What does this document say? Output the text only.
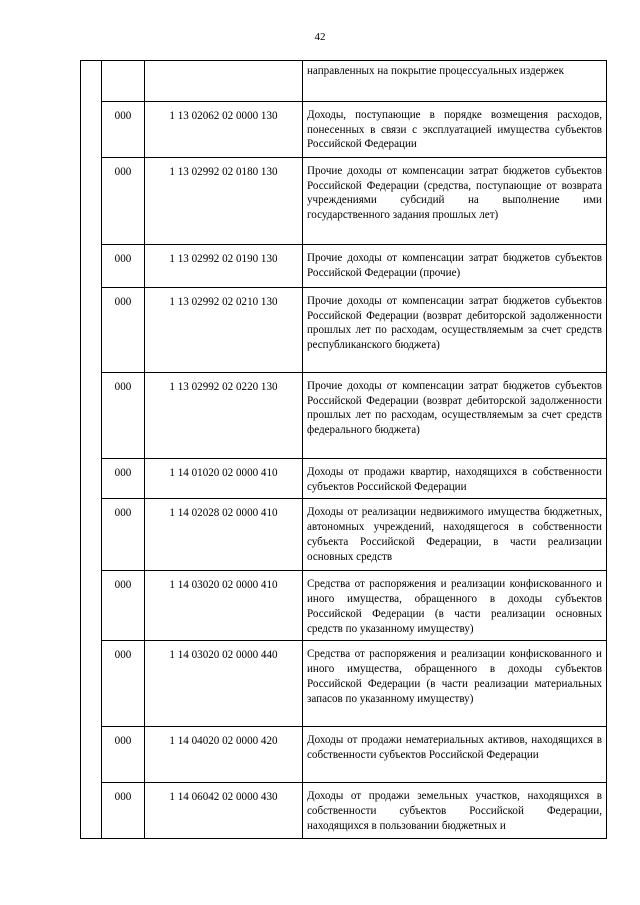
42

			направленных на покрытие процессуальных издержек

	000	1 13 02062 02 0000 130	Доходы, поступающие в порядке возмещения расходов, понесенных в связи с эксплуатацией имущества субъектов Российской Федерации

	000	1 13 02992 02 0180 130	Прочие доходы от компенсации затрат бюджетов субъектов Российской Федерации (средства, поступающие от возврата учреждениями субсидий на выполнение ими государственного задания прошлых лет)

	000	1 13 02992 02 0190 130	Прочие доходы от компенсации затрат бюджетов субъектов Российской Федерации (прочие)

	000	1 13 02992 02 0210 130	Прочие доходы от компенсации затрат бюджетов субъектов Российской Федерации (возврат дебиторской задолженности прошлых лет по расходам, осуществляемым за счет средств республиканского бюджета)

	000	1 13 02992 02 0220 130	Прочие доходы от компенсации затрат бюджетов субъектов Российской Федерации (возврат дебиторской задолженности прошлых лет по расходам, осуществляемым за счет средств федерального бюджета)

	000	1 14 01020 02 0000 410	Доходы от продажи квартир, находящихся в собственности субъектов Российской Федерации

	000	1 14 02028 02 0000 410	Доходы от реализации недвижимого имущества бюджетных, автономных учреждений, находящегося в собственности субъекта Российской Федерации, в части реализации основных средств

	000	1 14 03020 02 0000 410	Средства от распоряжения и реализации конфискованного и иного имущества, обращенного в доходы субъектов Российской Федерации (в части реализации основных средств по указанному имуществу)

	000	1 14 03020 02 0000 440	Средства от распоряжения и реализации конфискованного и иного имущества, обращенного в доходы субъектов Российской Федерации (в части реализации материальных запасов по указанному имуществу)

	000	1 14 04020 02 0000 420	Доходы от продажи нематериальных активов, находящихся в собственности субъектов Российской Федерации

	000	1 14 06042 02 0000 430	Доходы от продажи земельных участков, находящихся в собственности субъектов Российской Федерации, находящихся в пользовании бюджетных и
